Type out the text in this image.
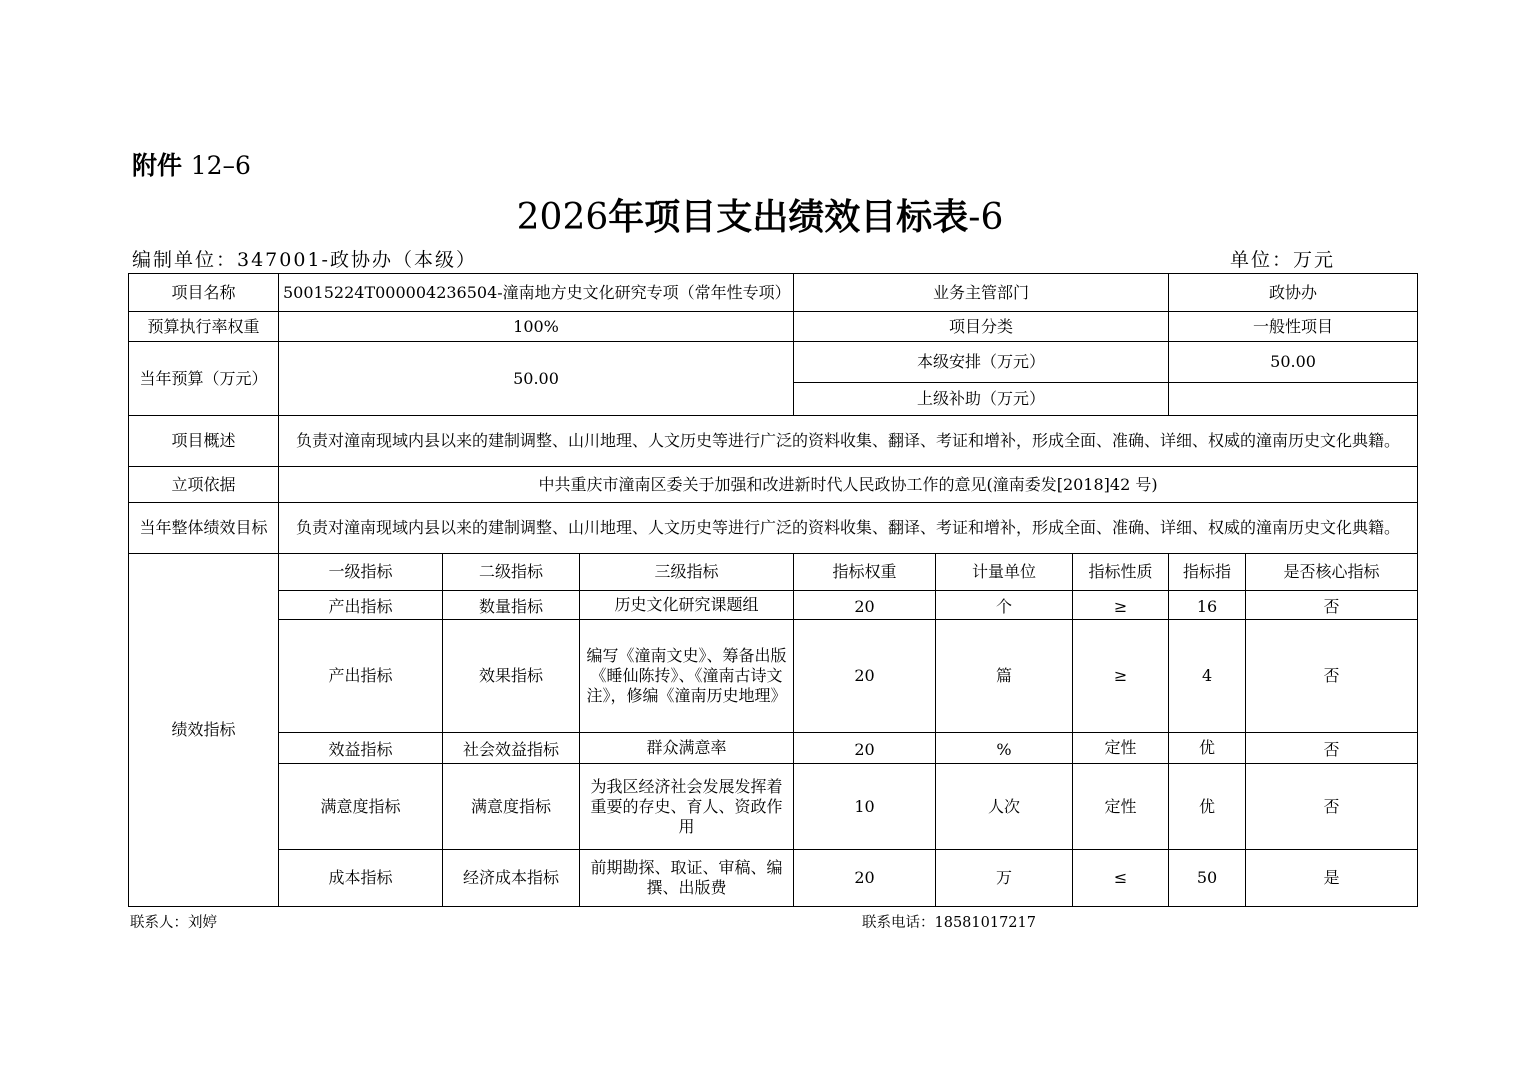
附件 12–6
2026年项目支出绩效目标表-6
编制单位：347001-政协办（本级）	单位：万元
项目名称	50015224T000004236504-潼南地方史文化研究专项（常年性专项）			业务主管部门			政协办	
预算执行率权重	100%			项目分类			一般性项目	
当年预算（万元）	50.00			本级安排（万元）			50.00	
				上级补助（万元）				
项目概述	负责对潼南现域内县以来的建制调整、山川地理、人文历史等进行广泛的资料收集、翻译、考证和增补，形成全面、准确、详细、权威的潼南历史文化典籍。							
立项依据	中共重庆市潼南区委关于加强和改进新时代人民政协工作的意见(潼南委发[2018]42 号)							
当年整体绩效目标	负责对潼南现域内县以来的建制调整、山川地理、人文历史等进行广泛的资料收集、翻译、考证和增补，形成全面、准确、详细、权威的潼南历史文化典籍。							
绩效指标	一级指标	二级指标	三级指标	指标权重	计量单位	指标性质	指标指	是否核心指标
	产出指标	数量指标	历史文化研究课题组	20	个	≥	16	否
	产出指标	效果指标	编写《潼南文史》、筹备出版《睡仙陈抟》、《潼南古诗文注》，修编《潼南历史地理》	20	篇	≥	4	否
	效益指标	社会效益指标	群众满意率	20	%	定性	优	否
	满意度指标	满意度指标	为我区经济社会发展发挥着重要的存史、育人、资政作用	10	人次	定性	优	否
	成本指标	经济成本指标	前期勘探、取证、审稿、编撰、出版费	20	万	≤	50	是
联系人：刘婷	联系电话：18581017217
